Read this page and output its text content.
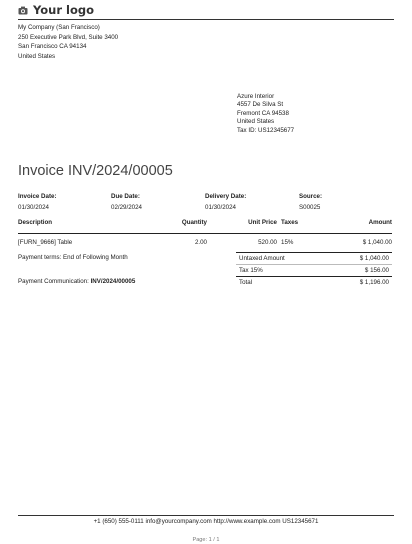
Your logo
My Company (San Francisco)
250 Executive Park Blvd, Suite 3400
San Francisco CA 94134
United States
Azure Interior
4557 De Silva St
Fremont CA 94538
United States
Tax ID: US12345677
Invoice INV/2024/00005
Invoice Date:
01/30/2024
Due Date:
02/29/2024
Delivery Date:
01/30/2024
Source:
S00025
Description	Quantity	Unit Price	Taxes	Amount
[FURN_9666] Table	2.00	520.00	15%	$ 1,040.00
Payment terms: End of Following Month
Payment Communication: INV/2024/00005
Untaxed Amount	$ 1,040.00
Tax 15%	$ 156.00
Total	$ 1,196.00
+1 (650) 555-0111 info@yourcompany.com http://www.example.com US12345671
Page: 1 / 1
